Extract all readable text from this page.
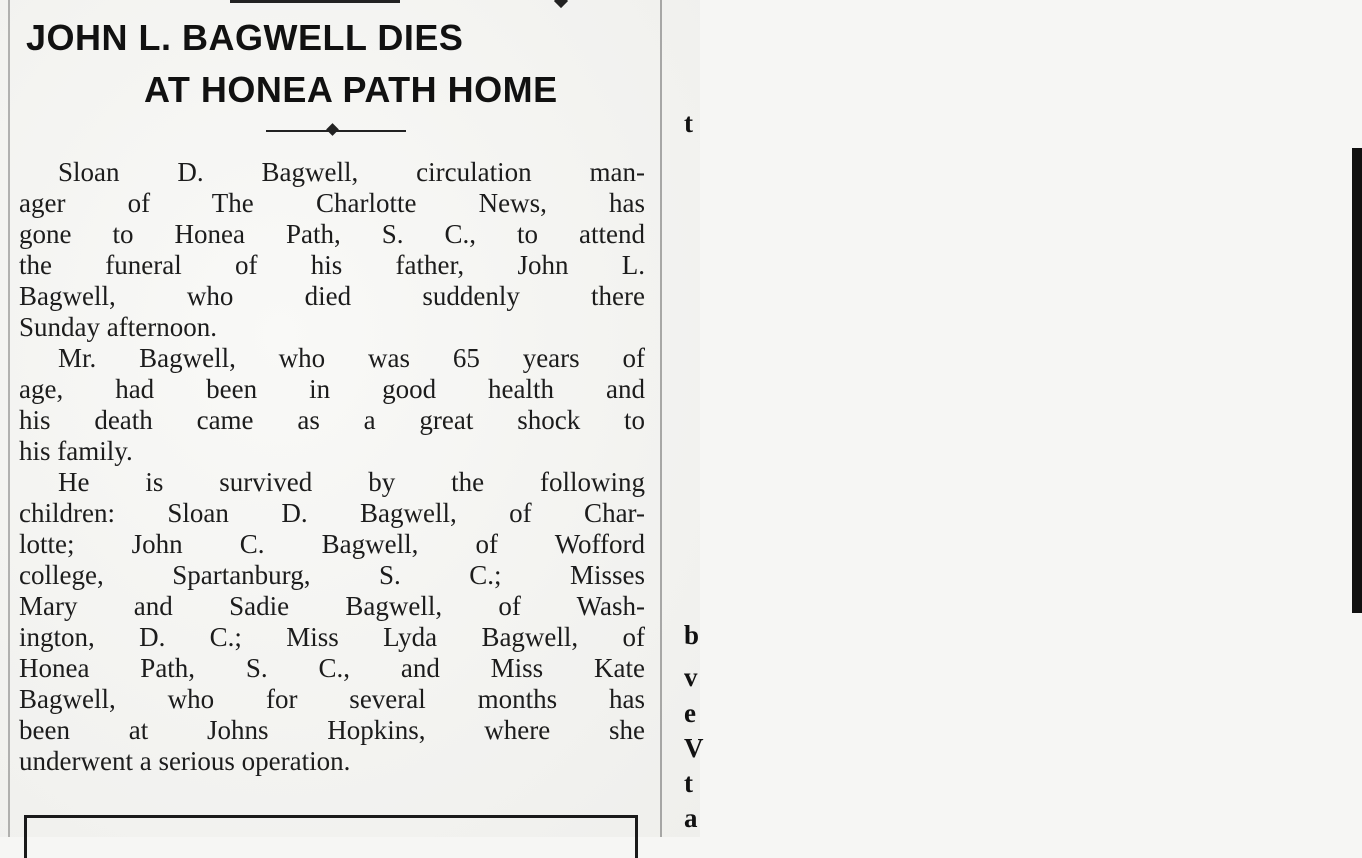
JOHN L. BAGWELL DIES
AT HONEA PATH HOME
Sloan D. Bagwell, circulation man-
ager of The Charlotte News, has
gone to Honea Path, S. C., to attend
the funeral of his father, John L.
Bagwell, who died suddenly there
Sunday afternoon.
Mr. Bagwell, who was 65 years of
age, had been in good health and
his death came as a great shock to
his family.
He is survived by the following
children: Sloan D. Bagwell, of Char-
lotte; John C. Bagwell, of Wofford
college, Spartanburg, S. C.; Misses
Mary and Sadie Bagwell, of Wash-
ington, D. C.; Miss Lyda Bagwell, of
Honea Path, S. C., and Miss Kate
Bagwell, who for several months has
been at Johns Hopkins, where she
underwent a serious operation.
t
b
v
e
V
t
a
